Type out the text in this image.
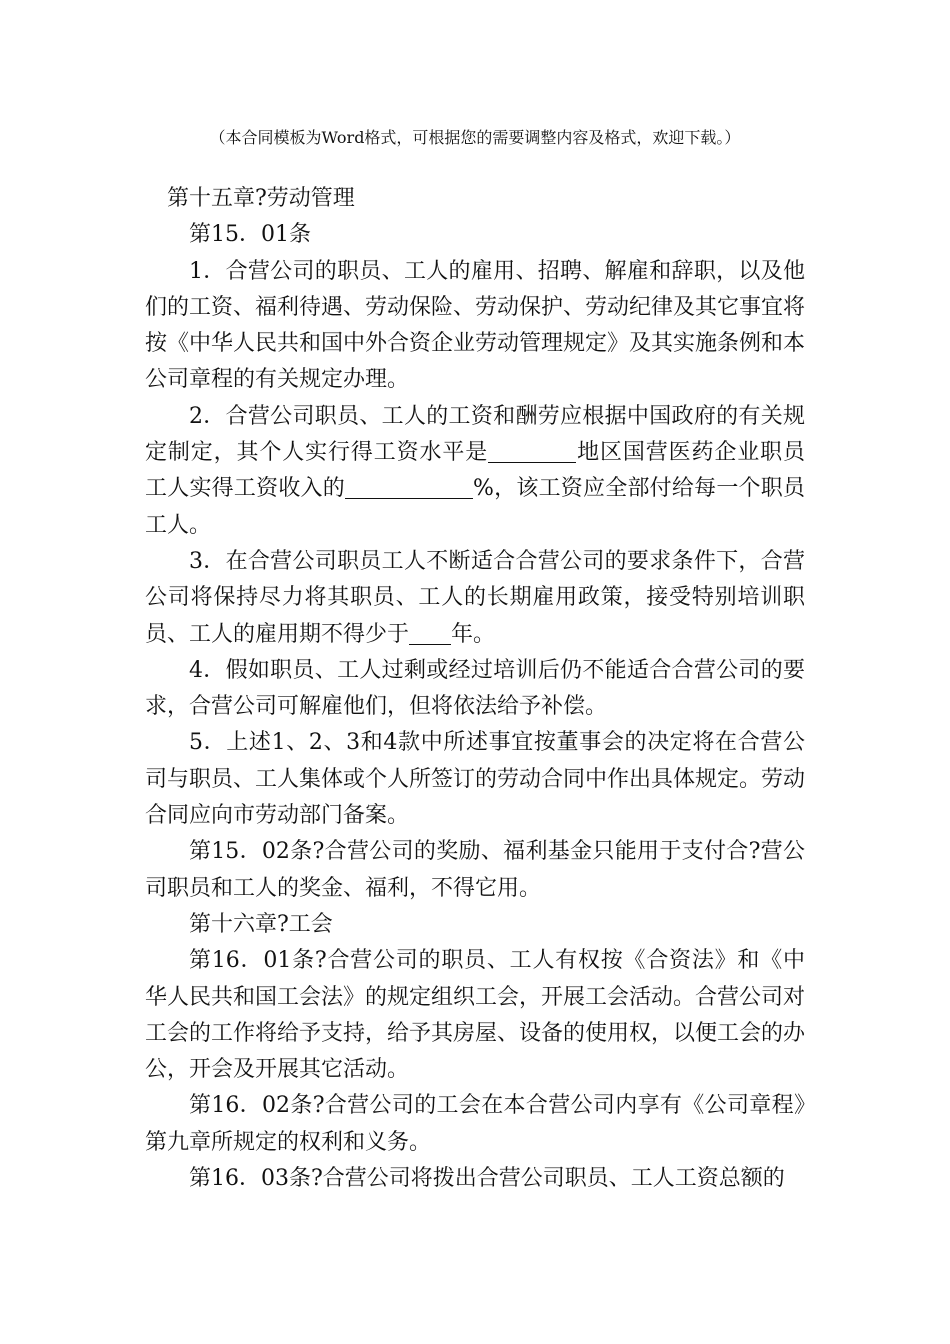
（本合同模板为Word格式，可根据您的需要调整内容及格式，欢迎下载。）

第十五章?劳动管理

第15．01条

1．合营公司的职员、工人的雇用、招聘、解雇和辞职，以及他们的工资、福利待遇、劳动保险、劳动保护、劳动纪律及其它事宜将按《中华人民共和国中外合资企业劳动管理规定》及其实施条例和本公司章程的有关规定办理。

2．合营公司职员、工人的工资和酬劳应根据中国政府的有关规定制定，其个人实行得工资水平是	地区国营医药企业职员工人实得工资收入的	%，该工资应全部付给每一个职员工人。

3．在合营公司职员工人不断适合合营公司的要求条件下，合营公司将保持尽力将其职员、工人的长期雇用政策，接受特别培训职员、工人的雇用期不得少于 年。

4．假如职员、工人过剩或经过培训后仍不能适合合营公司的要求，合营公司可解雇他们，但将依法给予补偿。

5．上述1、2、3和4款中所述事宜按董事会的决定将在合营公司与职员、工人集体或个人所签订的劳动合同中作出具体规定。劳动合同应向市劳动部门备案。

第15．02条?合营公司的奖励、福利基金只能用于支付合?营公司职员和工人的奖金、福利，不得它用。

第十六章?工会

第16．01条?合营公司的职员、工人有权按《合资法》和《中华人民共和国工会法》的规定组织工会，开展工会活动。合营公司对工会的工作将给予支持，给予其房屋、设备的使用权，以便工会的办公，开会及开展其它活动。

第16．02条?合营公司的工会在本合营公司内享有《公司章程》第九章所规定的权利和义务。

第16．03条?合营公司将拨出合营公司职员、工人工资总额的
